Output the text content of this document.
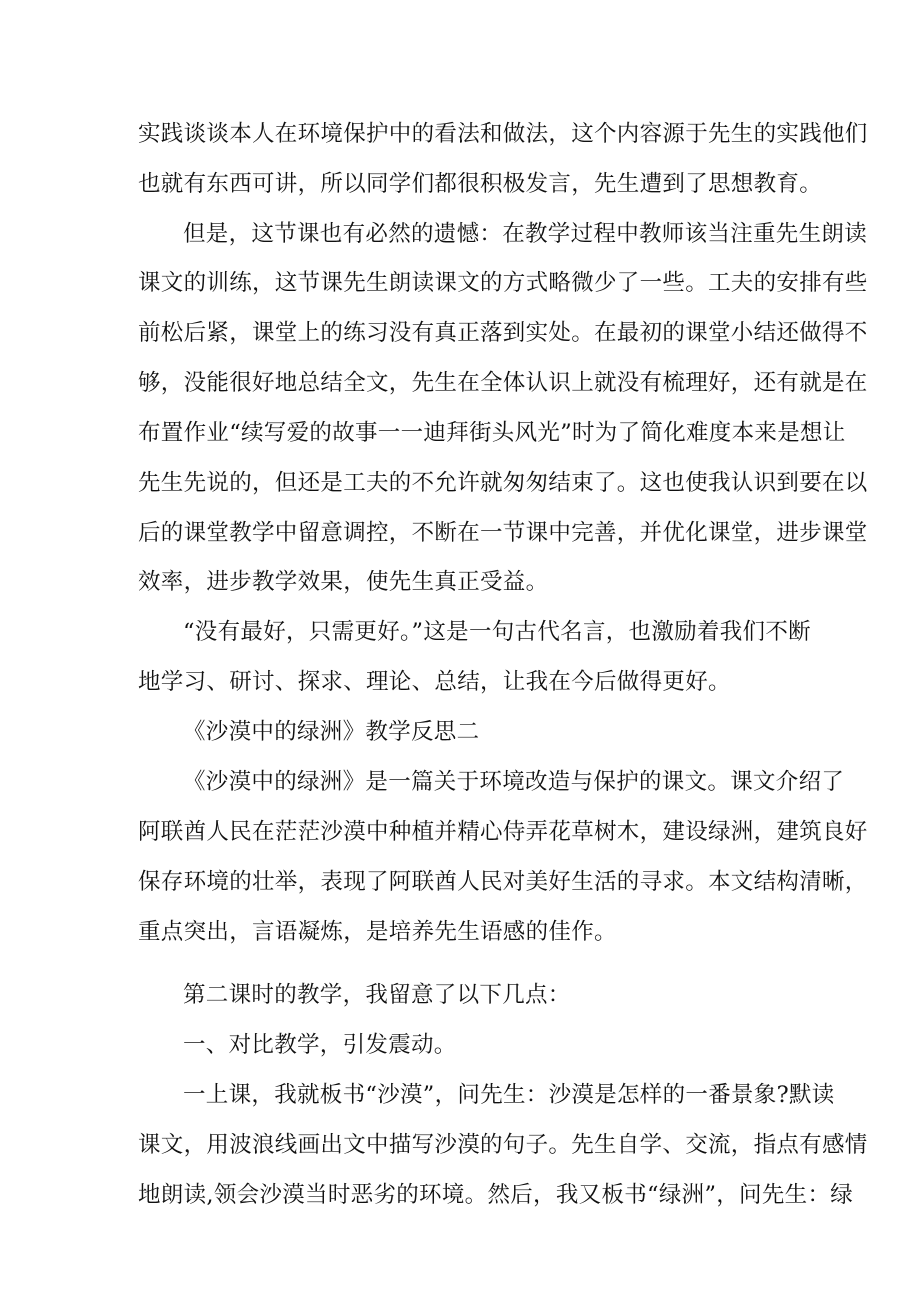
实践谈谈本人在环境保护中的看法和做法，这个内容源于先生的实践他们
也就有东西可讲，所以同学们都很积极发言，先生遭到了思想教育。
但是，这节课也有必然的遗憾：在教学过程中教师该当注重先生朗读
课文的训练，这节课先生朗读课文的方式略微少了一些。工夫的安排有些
前松后紧，课堂上的练习没有真正落到实处。在最初的课堂小结还做得不
够，没能很好地总结全文，先生在全体认识上就没有梳理好，还有就是在
布置作业“续写爱的故事一一迪拜街头风光”时为了简化难度本来是想让
先生先说的，但还是工夫的不允许就匆匆结束了。这也使我认识到要在以
后的课堂教学中留意调控，不断在一节课中完善，并优化课堂，进步课堂
效率，进步教学效果，使先生真正受益。
“没有最好，只需更好。”这是一句古代名言，也激励着我们不断
地学习、研讨、探求、理论、总结，让我在今后做得更好。
《沙漠中的绿洲》教学反思二
《沙漠中的绿洲》是一篇关于环境改造与保护的课文。课文介绍了
阿联酋人民在茫茫沙漠中种植并精心侍弄花草树木，建设绿洲，建筑良好
保存环境的壮举，表现了阿联酋人民对美好生活的寻求。本文结构清晰，
重点突出，言语凝炼，是培养先生语感的佳作。
第二课时的教学，我留意了以下几点：
一、对比教学，引发震动。
一上课，我就板书“沙漠”，问先生：沙漠是怎样的一番景象?默读
课文，用波浪线画出文中描写沙漠的句子。先生自学、交流，指点有感情
地朗读,领会沙漠当时恶劣的环境。然后，我又板书“绿洲”，问先生：绿
